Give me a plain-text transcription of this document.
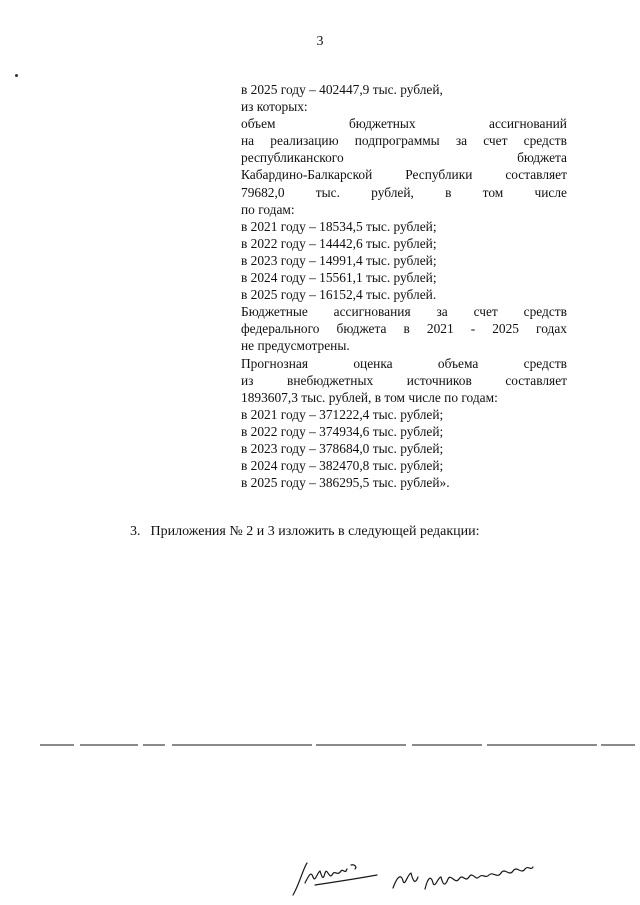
3
в 2025 году – 402447,9 тыс. рублей,
из которых:
объем	бюджетных	ассигнований
на реализацию подпрограммы за счет средств
республиканского	бюджета
Кабардино-Балкарской Республики составляет
79682,0 тыс. рублей, в том числе
по годам:
в 2021 году – 18534,5 тыс. рублей;
в 2022 году – 14442,6 тыс. рублей;
в 2023 году – 14991,4 тыс. рублей;
в 2024 году – 15561,1 тыс. рублей;
в 2025 году – 16152,4 тыс. рублей.
Бюджетные ассигнования за счет средств
федерального бюджета в 2021 - 2025 годах
не предусмотрены.
Прогнозная	оценка	объема	средств
из	внебюджетных	источников	составляет
1893607,3 тыс. рублей, в том числе по годам:
в 2021 году – 371222,4 тыс. рублей;
в 2022 году – 374934,6 тыс. рублей;
в 2023 году – 378684,0 тыс. рублей;
в 2024 году – 382470,8 тыс. рублей;
в 2025 году – 386295,5 тыс. рублей».
3. Приложения № 2 и 3 изложить в следующей редакции:
